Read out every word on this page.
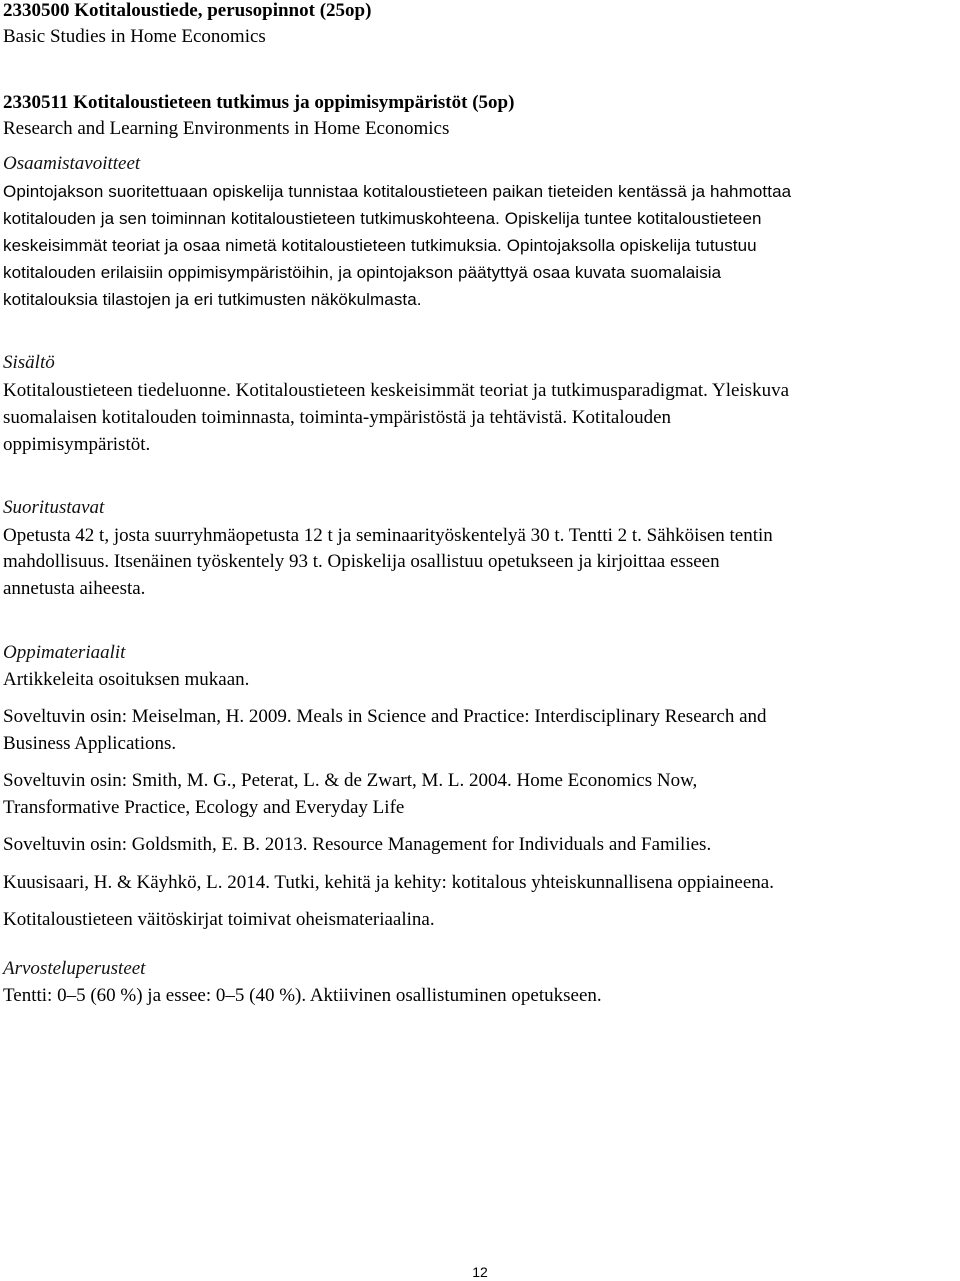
2330500 Kotitaloustiede, perusopinnot (25op)
Basic Studies in Home Economics
2330511 Kotitaloustieteen tutkimus ja oppimisympäristöt (5op)
Research and Learning Environments in Home Economics
Osaamistavoitteet
Opintojakson suoritettuaan opiskelija tunnistaa kotitaloustieteen paikan tieteiden kentässä ja hahmottaa
kotitalouden ja sen toiminnan kotitaloustieteen tutkimuskohteena. Opiskelija tuntee kotitaloustieteen
keskeisimmät teoriat ja osaa nimetä kotitaloustieteen tutkimuksia. Opintojaksolla opiskelija tutustuu
kotitalouden erilaisiin oppimisympäristöihin, ja opintojakson päätyttyä osaa kuvata suomalaisia
kotitalouksia tilastojen ja eri tutkimusten näkökulmasta.
Sisältö
Kotitaloustieteen tiedeluonne. Kotitaloustieteen keskeisimmät teoriat ja tutkimusparadigmat. Yleiskuva
suomalaisen kotitalouden toiminnasta, toiminta-ympäristöstä ja tehtävistä. Kotitalouden
oppimisympäristöt.
Suoritustavat
Opetusta 42 t, josta suurryhmäopetusta 12 t ja seminaarityöskentelyä 30 t. Tentti 2 t. Sähköisen tentin
mahdollisuus. Itsenäinen työskentely 93 t. Opiskelija osallistuu opetukseen ja kirjoittaa esseen
annetusta aiheesta.
Oppimateriaalit
Artikkeleita osoituksen mukaan.
Soveltuvin osin: Meiselman, H. 2009. Meals in Science and Practice: Interdisciplinary Research and
Business Applications.
Soveltuvin osin: Smith, M. G., Peterat, L. & de Zwart, M. L. 2004. Home Economics Now,
Transformative Practice, Ecology and Everyday Life
Soveltuvin osin: Goldsmith, E. B. 2013. Resource Management for Individuals and Families.
Kuusisaari, H. & Käyhkö, L. 2014. Tutki, kehitä ja kehity: kotitalous yhteiskunnallisena oppiaineena.
Kotitaloustieteen väitöskirjat toimivat oheismateriaalina.
Arvosteluperusteet
Tentti: 0–5 (60 %) ja essee: 0–5 (40 %). Aktiivinen osallistuminen opetukseen.
12
